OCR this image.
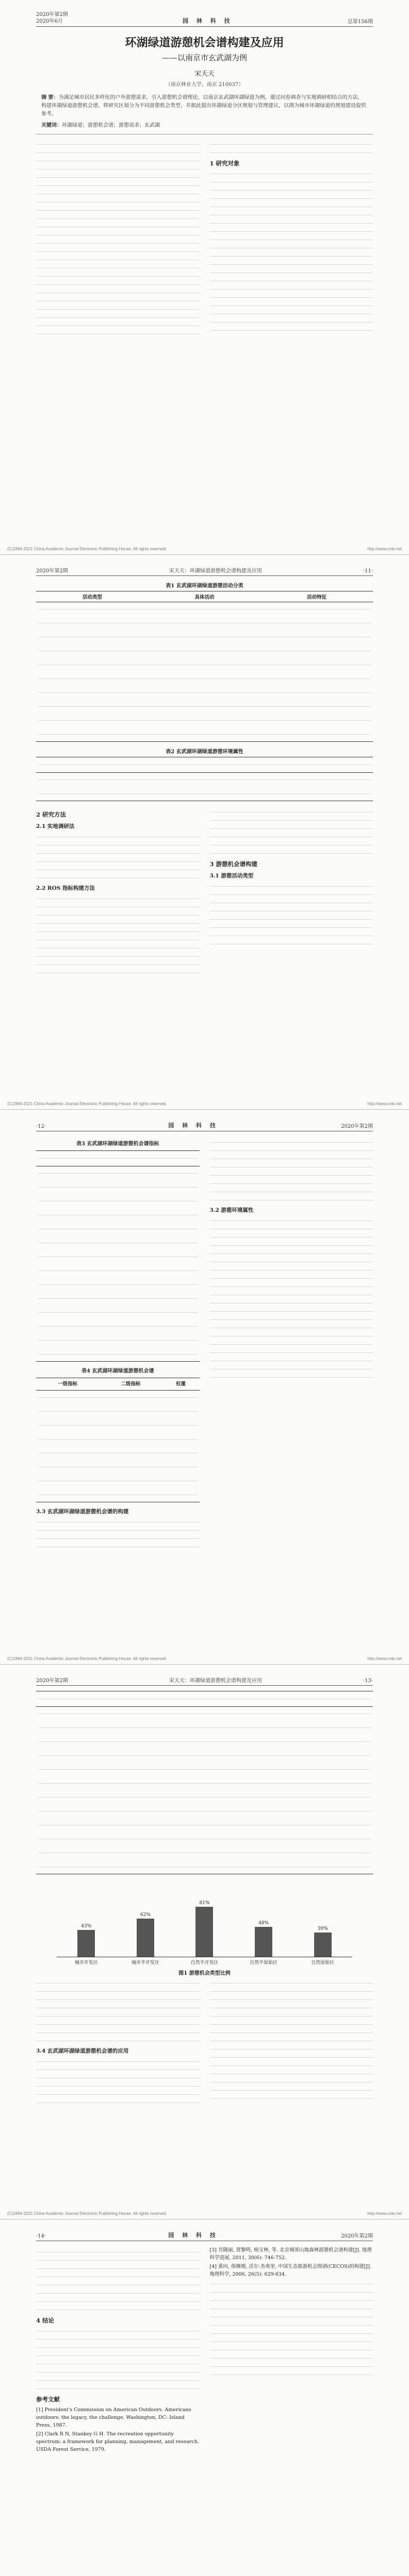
2020年第2期
2020年6月	园 林 科 技	总第156期
环湖绿道游憩机会谱构建及应用
——以南京市玄武湖为例
宋天天
（南京林业大学，南京 210037）
摘 要：为满足城市居民多样化的户外游憩需求，引入游憩机会谱理论，以南京玄武湖环湖绿道为例，通过问卷调查与实地调研相结合的方法，构建环湖绿道游憩机会谱，将研究区划分为不同游憩机会类型，并据此提出环湖绿道分区规划与管理建议，以期为城市环湖绿道的规划建设提供参考。
关键词：环湖绿道；游憩机会谱；游憩需求；玄武湖
1 研究对象
(C)1994-2021 China Academic Journal Electronic Publishing House. All rights reserved.	http://www.cnki.net
2020年第2期	宋天天：环湖绿道游憩机会谱构建及应用	·11·
表1 玄武湖环湖绿道游憩活动分类
活动类型	具体活动	活动特征

表2 玄武湖环湖绿道游憩环境属性

2 研究方法
2.1 实地调研法
2.2 ROS 指标构建方法
3 游憩机会谱构建
3.1 游憩活动类型
(C)1994-2021 China Academic Journal Electronic Publishing House. All rights reserved.	http://www.cnki.net
·12·	园 林 科 技	2020年第2期
表3 玄武湖环湖绿道游憩机会谱指标

表4 玄武湖环湖绿道游憩机会谱
一级指标	二级指标	权重

3.3 玄武湖环湖绿道游憩机会谱的构建
3.2 游憩环境属性
(C)1994-2021 China Academic Journal Electronic Publishing House. All rights reserved.	http://www.cnki.net
2020年第2期	宋天天：环湖绿道游憩机会谱构建及应用	·13·

43%
62%
81%
48%
39%
城市开发区	城市半开发区	自然半开发区	自然半原始区	自然原始区
图1 游憩机会类型比例
3.4 玄武湖环湖绿道游憩机会谱的应用
(C)1994-2021 China Academic Journal Electronic Publishing House. All rights reserved.	http://www.cnki.net
·14·	园 林 科 技	2020年第2期
4 结论
参考文献
[1] President's Commission on American Outdoors. Americans outdoors: the legacy, the challenge. Washington, DC: Island Press, 1987.
[2] Clark R N, Stankey G H. The recreation opportunity spectrum: a framework for planning, management, and research. USDA Forest Service, 1979.
[3] 肖随丽, 贾黎明, 杨宝林, 等. 北京城郊山地森林游憩机会谱构建[J]. 地理科学进展, 2011, 30(6): 746-752.
[4] 黄向, 保继刚, 沃尔·杰弗里. 中国生态旅游机会图谱(CECOS)的构建[J]. 地理科学, 2006, 26(5): 629-634.
